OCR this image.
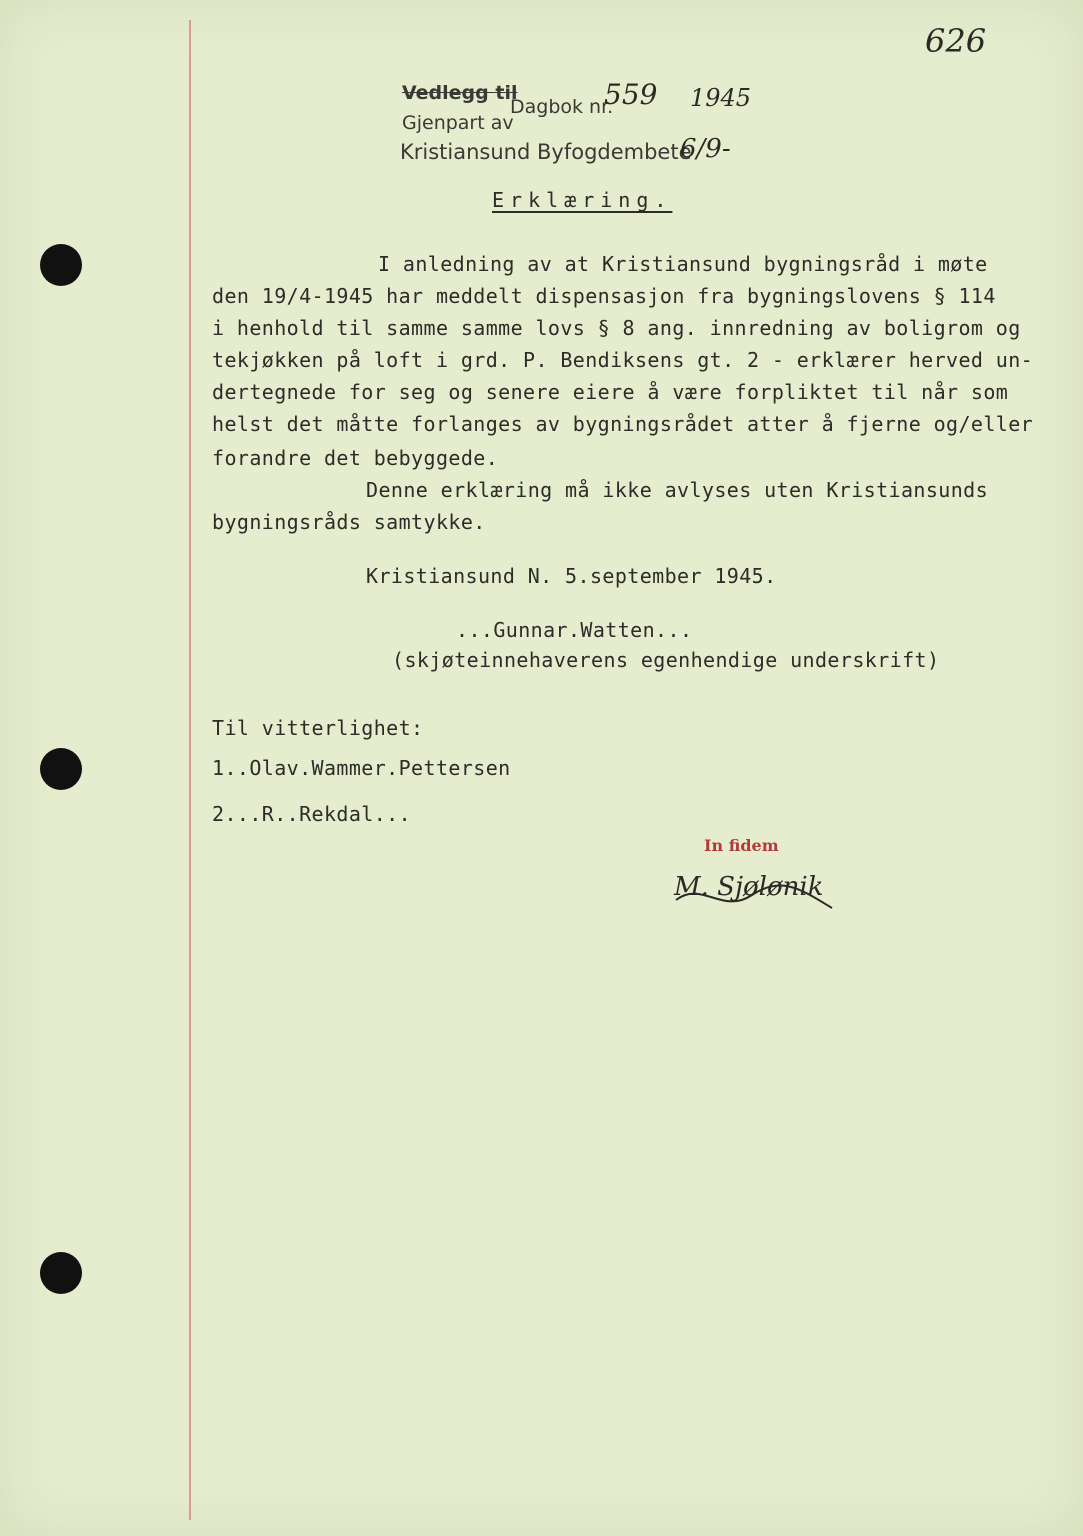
626
Vedlegg til
Dagbok nr.
559 1945
Gjenpart av
Kristiansund Byfogdembete
6/9-
Erklæring.
I anledning av at Kristiansund bygningsråd i møte
den 19/4-1945 har meddelt dispensasjon fra bygningslovens § 114
i henhold til samme samme lovs § 8 ang. innredning av boligrom og
tekjøkken på loft i grd. P. Bendiksens gt. 2 - erklærer herved un-
dertegnede for seg og senere eiere å være forpliktet til når som
helst det måtte forlanges av bygningsrådet atter å fjerne og/eller
forandre det bebyggede.
Denne erklæring må ikke avlyses uten Kristiansunds
bygningsråds samtykke.
Kristiansund N. 5.september 1945.
...Gunnar.Watten...
(skjøteinnehaverens egenhendige underskrift)
Til vitterlighet:
1..Olav.Wammer.Pettersen
2...R..Rekdal...
In fidem
M. Sjølønik
